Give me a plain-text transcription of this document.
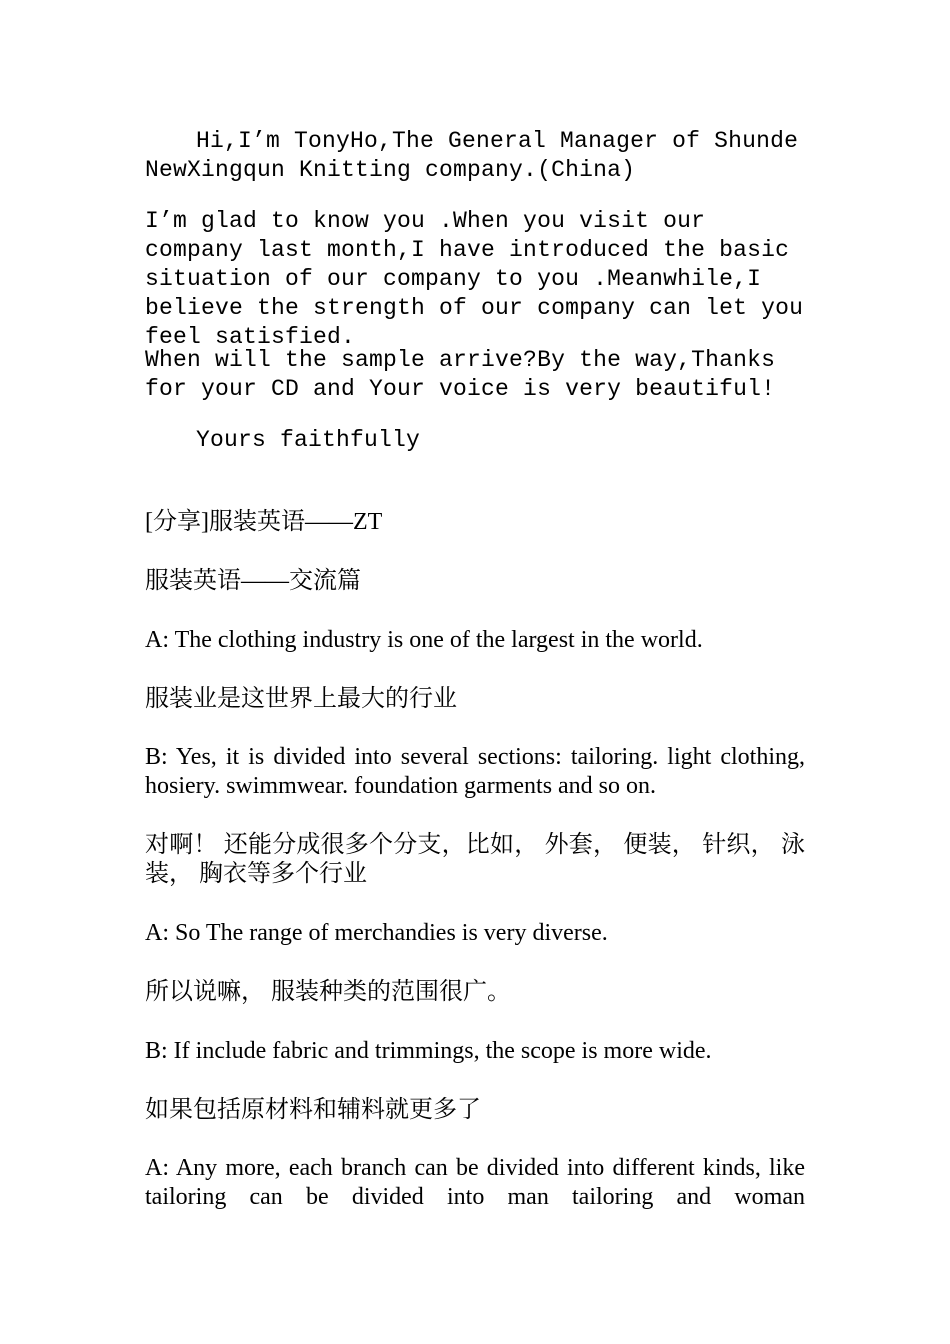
Hi,I’m TonyHo,The General Manager of Shunde NewXingqun Knitting company.(China)

I’m glad to know you .When you visit our company last month,I have introduced the basic situation of our company to you .Meanwhile,I believe the strength of our company can let you feel satisfied.

When will the sample arrive?By the way,Thanks for your CD and Your voice is very beautiful!

Yours faithfully

[分享]服装英语——ZT

服装英语——交流篇

A: The clothing industry is one of the largest in the world.

服装业是这世界上最大的行业

B: Yes, it is divided into several sections: tailoring. light clothing, hosiery. swimmwear. foundation garments and so on.

对啊！ 还能分成很多个分支，比如， 外套， 便装， 针织， 泳装， 胸衣等多个行业

A: So The range of merchandies is very diverse.

所以说嘛， 服装种类的范围很广。

B: If include fabric and trimmings, the scope is more wide.

如果包括原材料和辅料就更多了

A: Any more, each branch can be divided into different kinds, like tailoring can be divided into man tailoring and woman
